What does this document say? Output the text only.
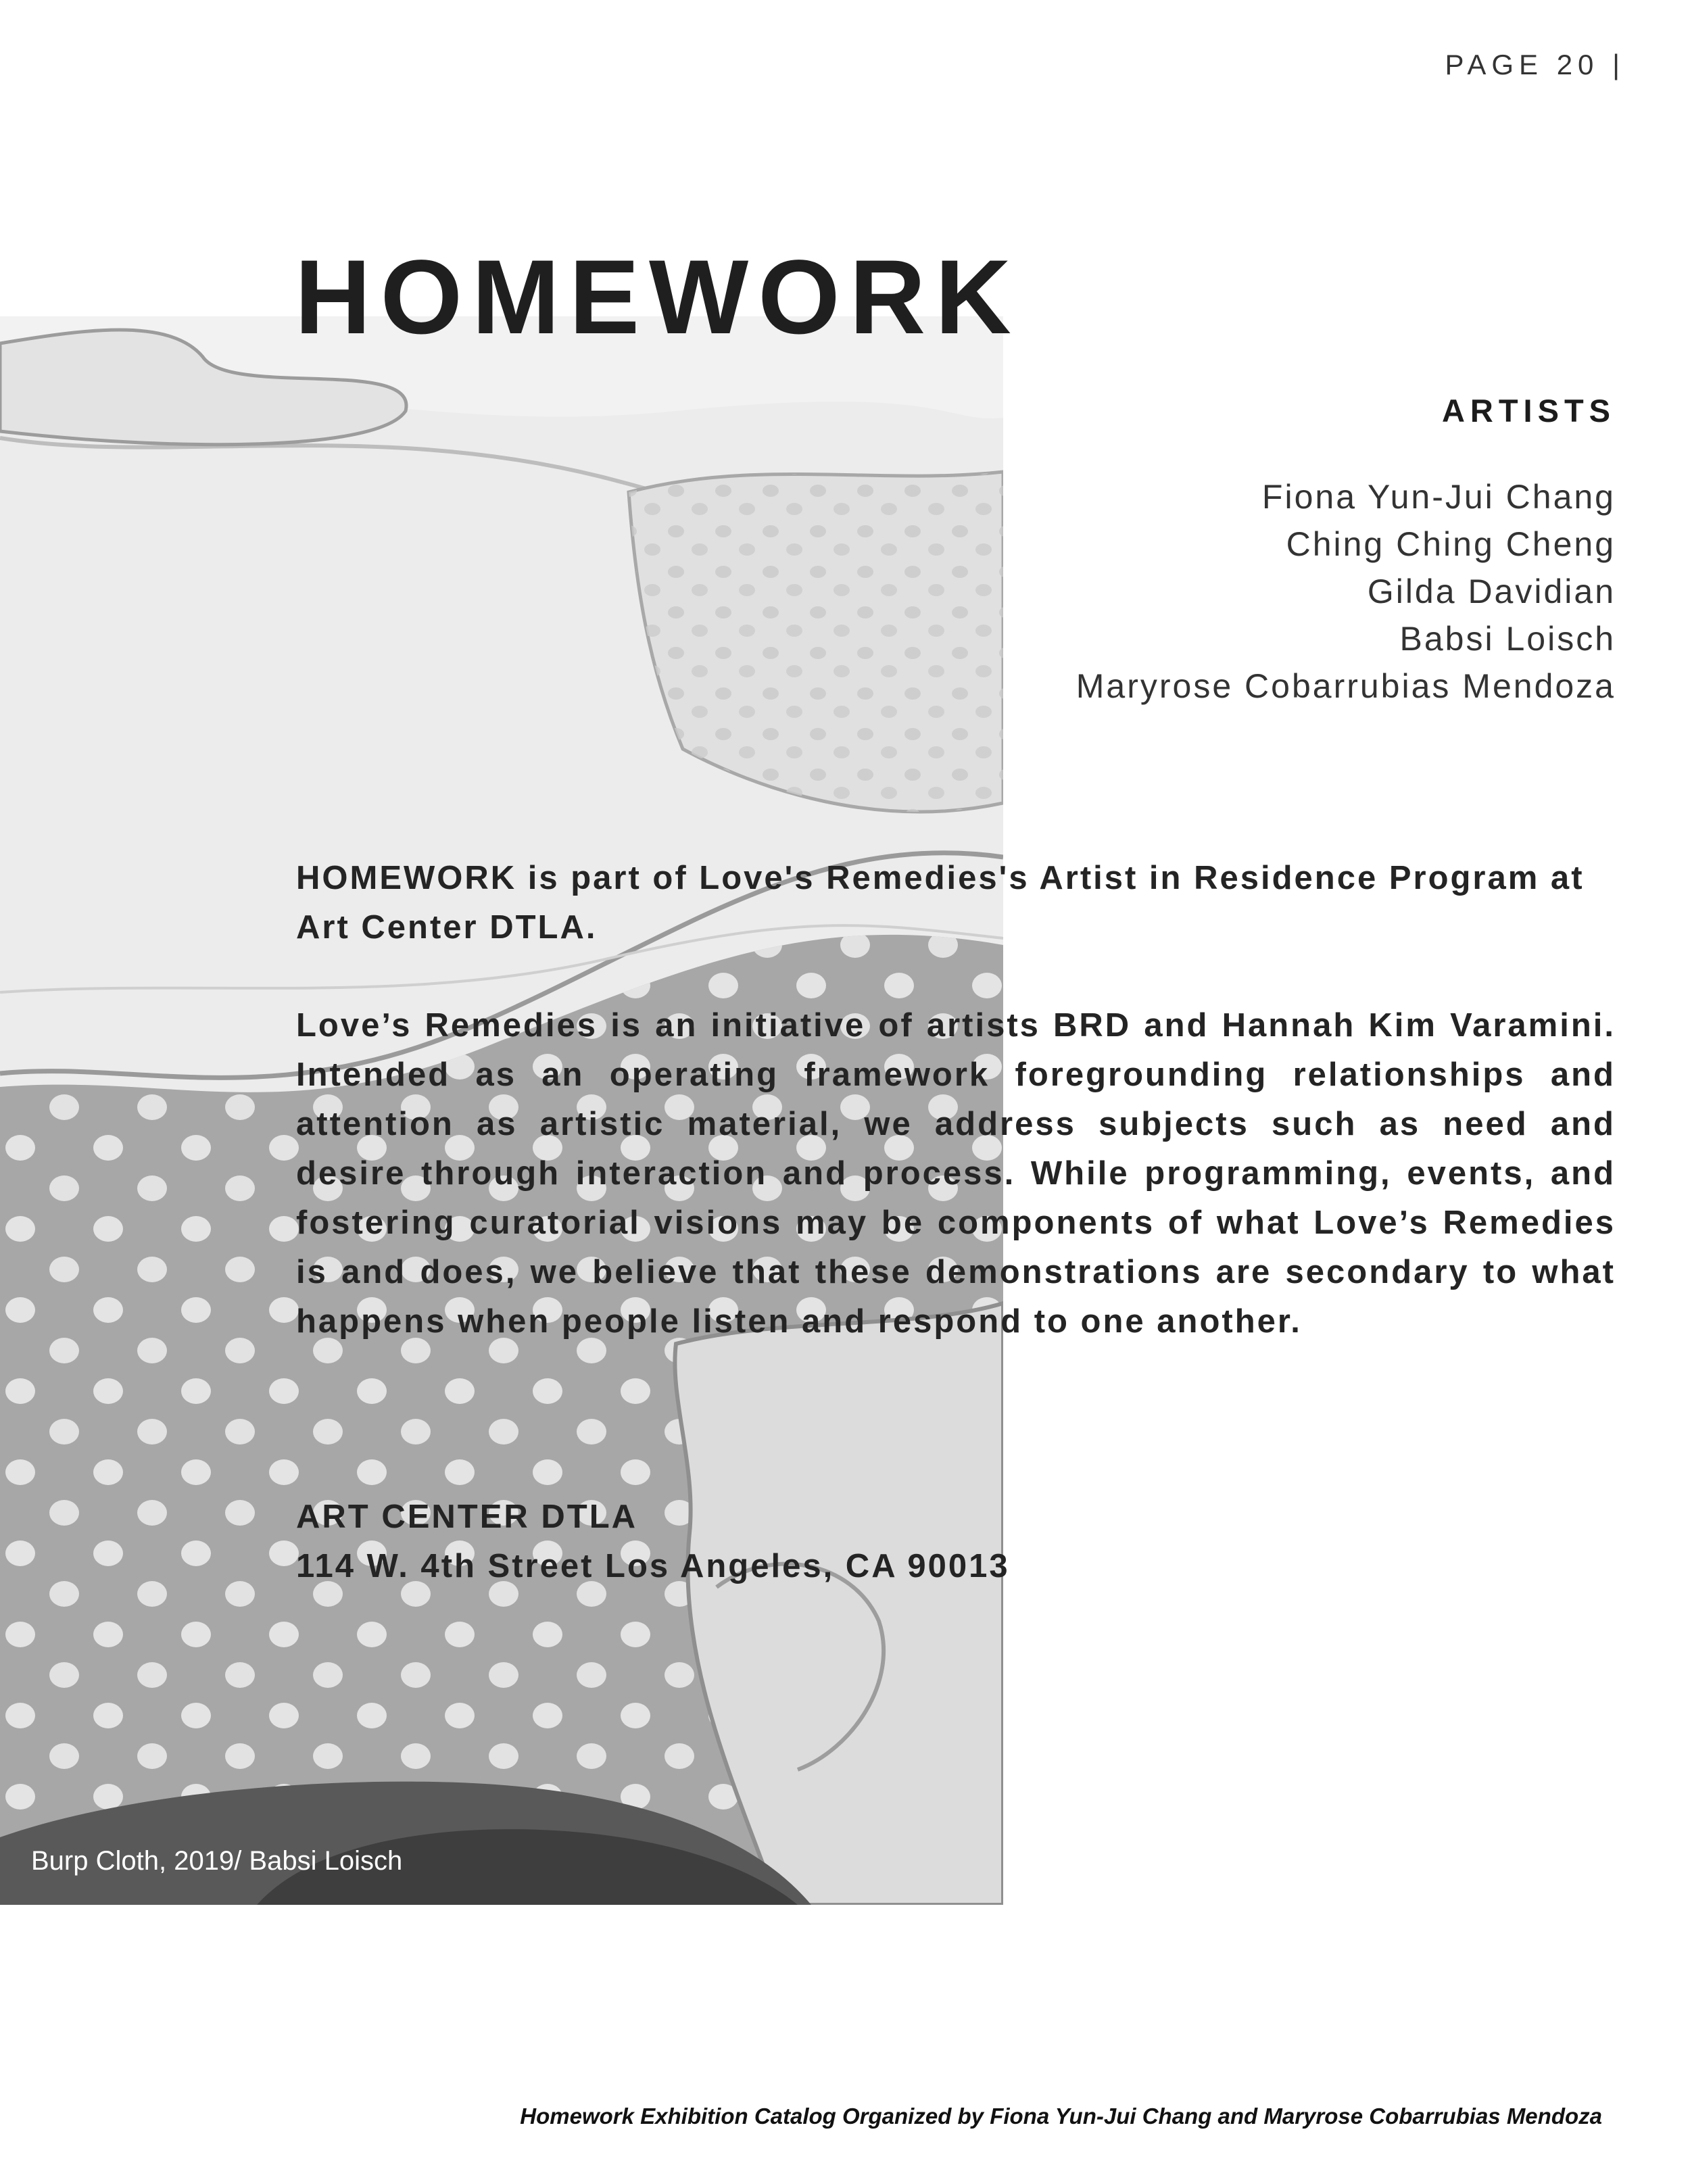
PAGE 20 |
Burp Cloth, 2019/ Babsi Loisch
HOMEWORK
ARTISTS
Fiona Yun-Jui Chang
Ching Ching Cheng
Gilda Davidian
Babsi Loisch
Maryrose Cobarrubias Mendoza

HOMEWORK is part of Love's Remedies's Artist in Residence Program at Art Center DTLA.

Love’s Remedies is an initiative of artists BRD and Hannah Kim Varamini. Intended as an operating framework foregrounding relationships and attention as artistic material, we address subjects such as need and desire through interaction and process. While programming, events, and fostering curatorial visions may be components of what Love’s Remedies is and does, we believe that these demonstrations are secondary to what happens when people listen and respond to one another.

ART CENTER DTLA
114 W. 4th Street Los Angeles, CA 90013
Homework Exhibition Catalog Organized by Fiona Yun-Jui Chang and Maryrose Cobarrubias Mendoza
